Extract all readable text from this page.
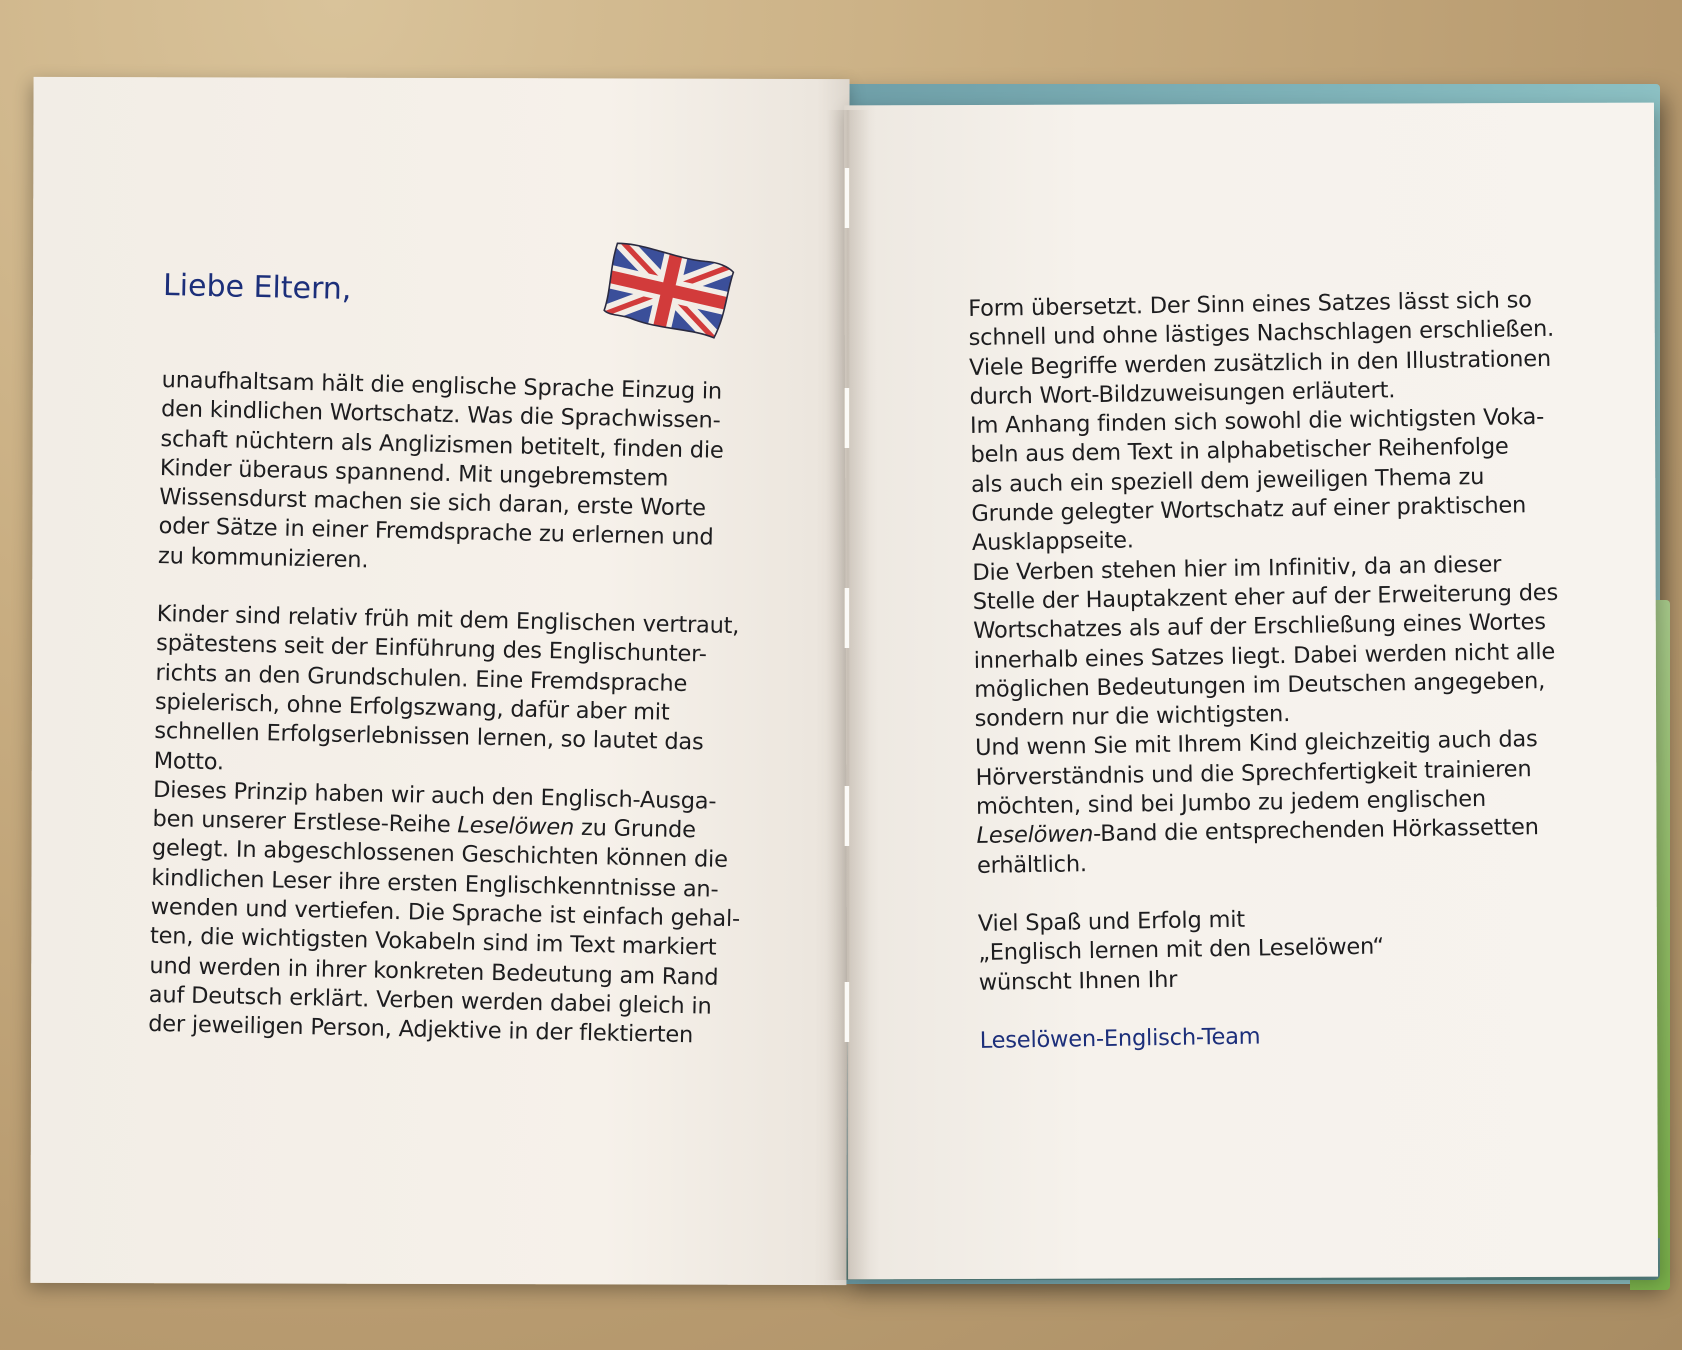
Liebe Eltern,

unaufhaltsam hält die englische Sprache Einzug in

den kindlichen Wortschatz. Was die Sprachwissen-

schaft nüchtern als Anglizismen betitelt, finden die

Kinder überaus spannend. Mit ungebremstem

Wissensdurst machen sie sich daran, erste Worte

oder Sätze in einer Fremdsprache zu erlernen und

zu kommunizieren.

Kinder sind relativ früh mit dem Englischen vertraut,

spätestens seit der Einführung des Englischunter-

richts an den Grundschulen. Eine Fremdsprache

spielerisch, ohne Erfolgszwang, dafür aber mit

schnellen Erfolgserlebnissen lernen, so lautet das

Motto.

Dieses Prinzip haben wir auch den Englisch-Ausga-

ben unserer Erstlese-Reihe Leselöwen zu Grunde

gelegt. In abgeschlossenen Geschichten können die

kindlichen Leser ihre ersten Englischkenntnisse an-

wenden und vertiefen. Die Sprache ist einfach gehal-

ten, die wichtigsten Vokabeln sind im Text markiert

und werden in ihrer konkreten Bedeutung am Rand

auf Deutsch erklärt. Verben werden dabei gleich in

der jeweiligen Person, Adjektive in der flektierten

Form übersetzt. Der Sinn eines Satzes lässt sich so

schnell und ohne lästiges Nachschlagen erschließen.

Viele Begriffe werden zusätzlich in den Illustrationen

durch Wort-Bildzuweisungen erläutert.

Im Anhang finden sich sowohl die wichtigsten Voka-

beln aus dem Text in alphabetischer Reihenfolge

als auch ein speziell dem jeweiligen Thema zu

Grunde gelegter Wortschatz auf einer praktischen

Ausklappseite.

Die Verben stehen hier im Infinitiv, da an dieser

Stelle der Hauptakzent eher auf der Erweiterung des

Wortschatzes als auf der Erschließung eines Wortes

innerhalb eines Satzes liegt. Dabei werden nicht alle

möglichen Bedeutungen im Deutschen angegeben,

sondern nur die wichtigsten.

Und wenn Sie mit Ihrem Kind gleichzeitig auch das

Hörverständnis und die Sprechfertigkeit trainieren

möchten, sind bei Jumbo zu jedem englischen

Leselöwen-Band die entsprechenden Hörkassetten

erhältlich.

Viel Spaß und Erfolg mit

„Englisch lernen mit den Leselöwen“

wünscht Ihnen Ihr

Leselöwen-Englisch-Team
